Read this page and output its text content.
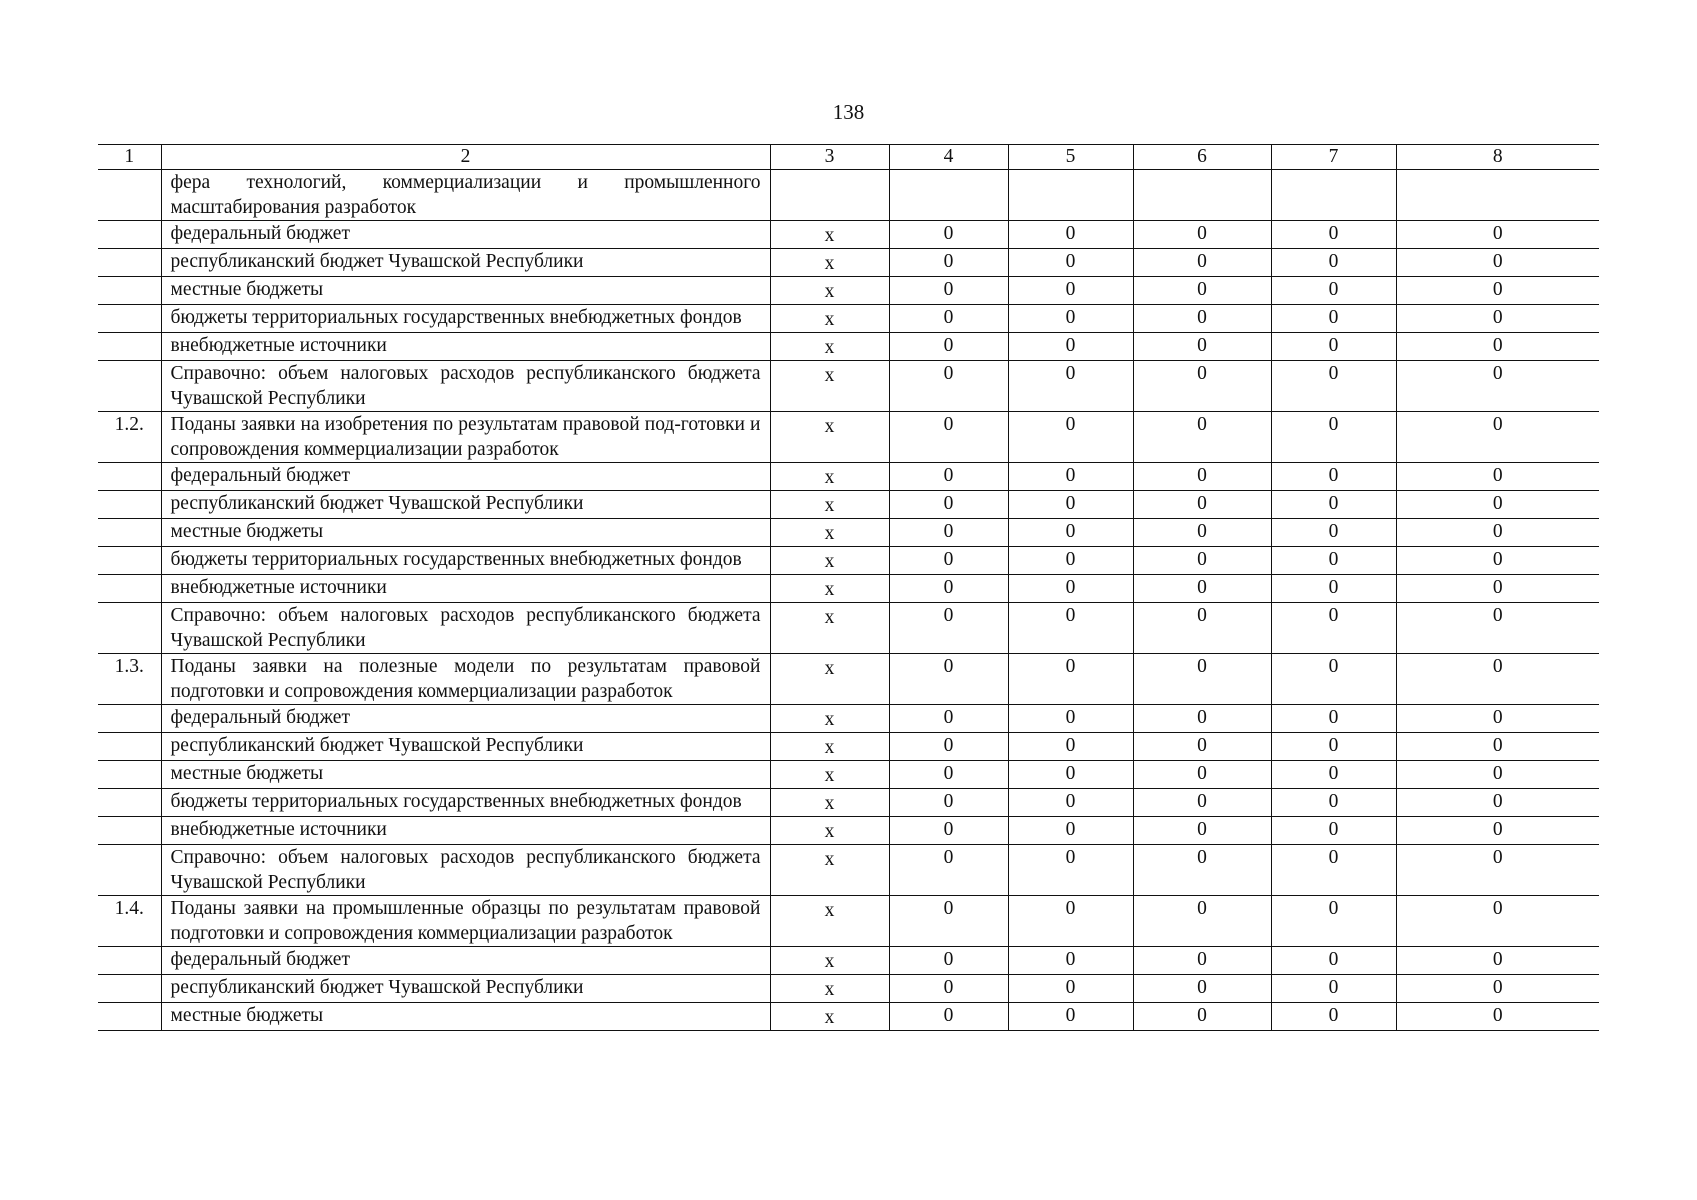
138
1	2	3	4	5	6	7	8
	фера технологий, коммерциализации и промышленного масштабирования разработок						
	федеральный бюджет	х	0	0	0	0	0
	республиканский бюджет Чувашской Республики	х	0	0	0	0	0
	местные бюджеты	х	0	0	0	0	0
	бюджеты территориальных государственных внебюджетных фондов	х	0	0	0	0	0
	внебюджетные источники	х	0	0	0	0	0
	Справочно: объем налоговых расходов республиканского бюджета Чувашской Республики	х	0	0	0	0	0
1.2.	Поданы заявки на изобретения по результатам правовой под-готовки и сопровождения коммерциализации разработок	х	0	0	0	0	0
	федеральный бюджет	х	0	0	0	0	0
	республиканский бюджет Чувашской Республики	х	0	0	0	0	0
	местные бюджеты	х	0	0	0	0	0
	бюджеты территориальных государственных внебюджетных фондов	х	0	0	0	0	0
	внебюджетные источники	х	0	0	0	0	0
	Справочно: объем налоговых расходов республиканского бюджета Чувашской Республики	х	0	0	0	0	0
1.3.	Поданы заявки на полезные модели по результатам правовой подготовки и сопровождения коммерциализации разработок	х	0	0	0	0	0
	федеральный бюджет	х	0	0	0	0	0
	республиканский бюджет Чувашской Республики	х	0	0	0	0	0
	местные бюджеты	х	0	0	0	0	0
	бюджеты территориальных государственных внебюджетных фондов	х	0	0	0	0	0
	внебюджетные источники	х	0	0	0	0	0
	Справочно: объем налоговых расходов республиканского бюджета Чувашской Республики	х	0	0	0	0	0
1.4.	Поданы заявки на промышленные образцы по результатам правовой подготовки и сопровождения коммерциализации разработок	х	0	0	0	0	0
	федеральный бюджет	х	0	0	0	0	0
	республиканский бюджет Чувашской Республики	х	0	0	0	0	0
	местные бюджеты	х	0	0	0	0	0
